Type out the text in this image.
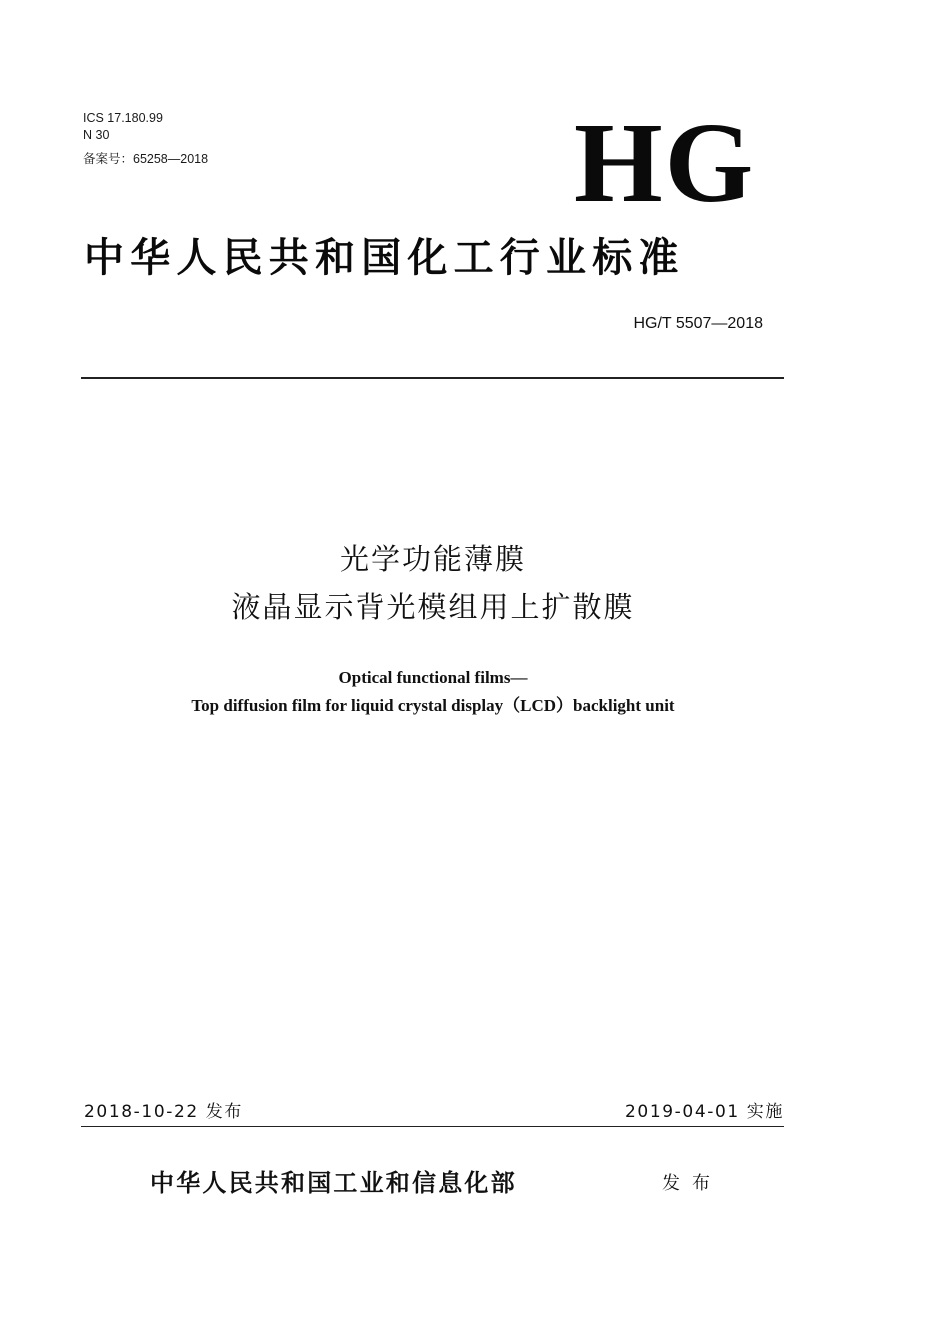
ICS 17.180.99
N 30
备案号：65258—2018	HG
中华人民共和国化工行业标准
HG/T 5507—2018
光学功能薄膜
液晶显示背光模组用上扩散膜
Optical functional films—
Top diffusion film for liquid crystal display（LCD）backlight unit
2018-10-22 发布	2019-04-01 实施
中华人民共和国工业和信息化部	发布
